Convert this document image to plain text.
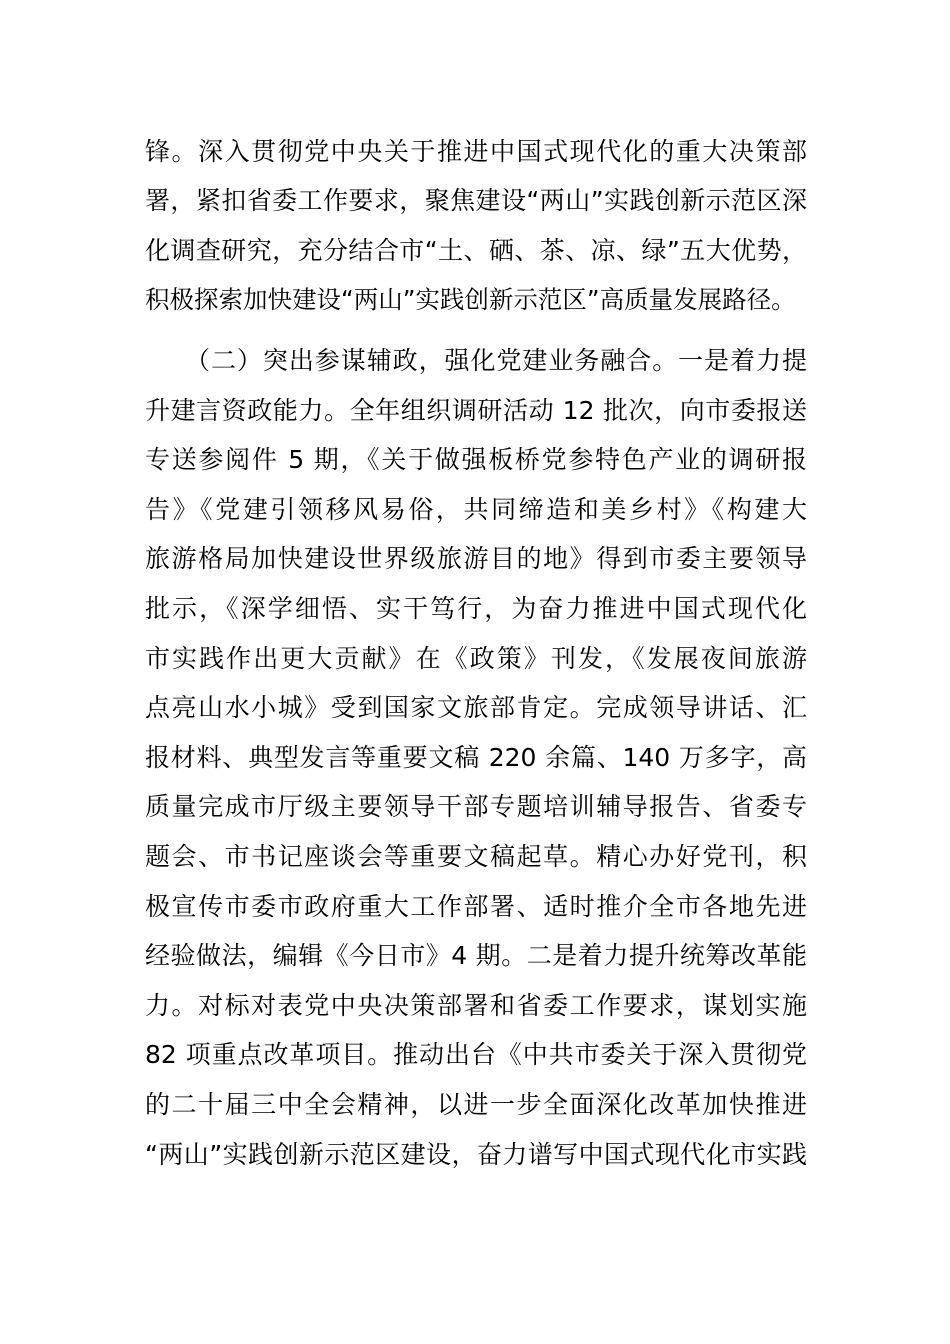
锋。深入贯彻党中央关于推进中国式现代化的重大决策部
署，紧扣省委工作要求，聚焦建设“两山”实践创新示范区深
化调查研究，充分结合市“土、硒、茶、凉、绿”五大优势，
积极探索加快建设“两山”实践创新示范区”高质量发展路径。
（二）突出参谋辅政，强化党建业务融合。一是着力提
升建言资政能力。全年组织调研活动 12 批次，向市委报送
专送参阅件 5 期，《关于做强板桥党参特色产业的调研报
告》《党建引领移风易俗，共同缔造和美乡村》《构建大
旅游格局加快建设世界级旅游目的地》得到市委主要领导
批示，《深学细悟、实干笃行，为奋力推进中国式现代化
市实践作出更大贡献》在《政策》刊发，《发展夜间旅游
点亮山水小城》受到国家文旅部肯定。完成领导讲话、汇
报材料、典型发言等重要文稿 220 余篇、140 万多字，高
质量完成市厅级主要领导干部专题培训辅导报告、省委专
题会、市书记座谈会等重要文稿起草。精心办好党刊，积
极宣传市委市政府重大工作部署、适时推介全市各地先进
经验做法，编辑《今日市》4 期。二是着力提升统筹改革能
力。对标对表党中央决策部署和省委工作要求，谋划实施
82 项重点改革项目。推动出台《中共市委关于深入贯彻党
的二十届三中全会精神，以进一步全面深化改革加快推进
“两山”实践创新示范区建设，奋力谱写中国式现代化市实践
